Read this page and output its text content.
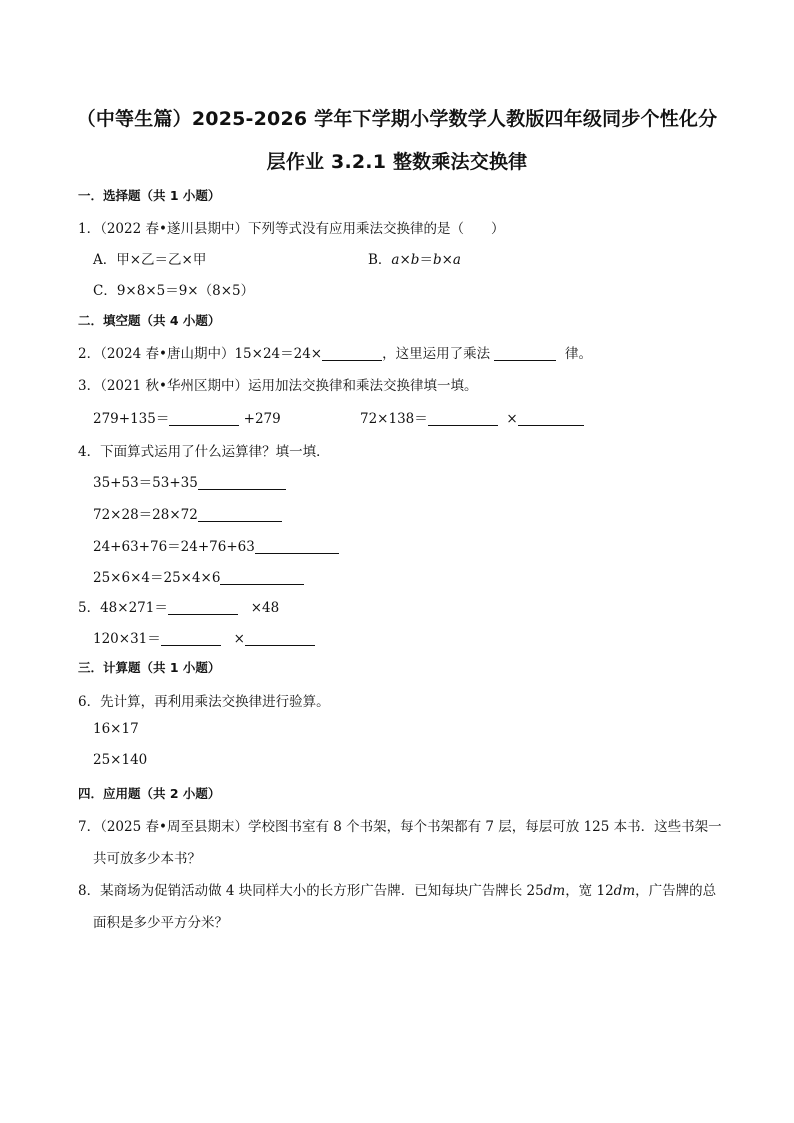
（中等生篇）2025-2026 学年下学期小学数学人教版四年级同步个性化分
层作业 3.2.1 整数乘法交换律
一．选择题（共 1 小题）
1．（2022 春•遂川县期中）下列等式没有应用乘法交换律的是（　　）
A．甲×乙＝乙×甲	B．a×b＝b×a
C．9×8×5＝9×（8×5）
二．填空题（共 4 小题）
2．（2024 春•唐山期中）15×24＝24×	，这里运用了乘法	律。
3．（2021 秋•华州区期中）运用加法交换律和乘法交换律填一填。
279+135＝	+279	72×138＝	×
4．下面算式运用了什么运算律？填一填．
35+53＝53+35
72×28＝28×72
24+63+76＝24+76+63
25×6×4＝25×4×6
5．48×271＝	×48
120×31＝	×
三．计算题（共 1 小题）
6．先计算，再利用乘法交换律进行验算。
16×17
25×140
四．应用题（共 2 小题）
7．（2025 春•周至县期末）学校图书室有 8 个书架，每个书架都有 7 层，每层可放 125 本书．这些书架一
共可放多少本书？
8．某商场为促销活动做 4 块同样大小的长方形广告牌．已知每块广告牌长 25dm，宽 12dm，广告牌的总
面积是多少平方分米？
